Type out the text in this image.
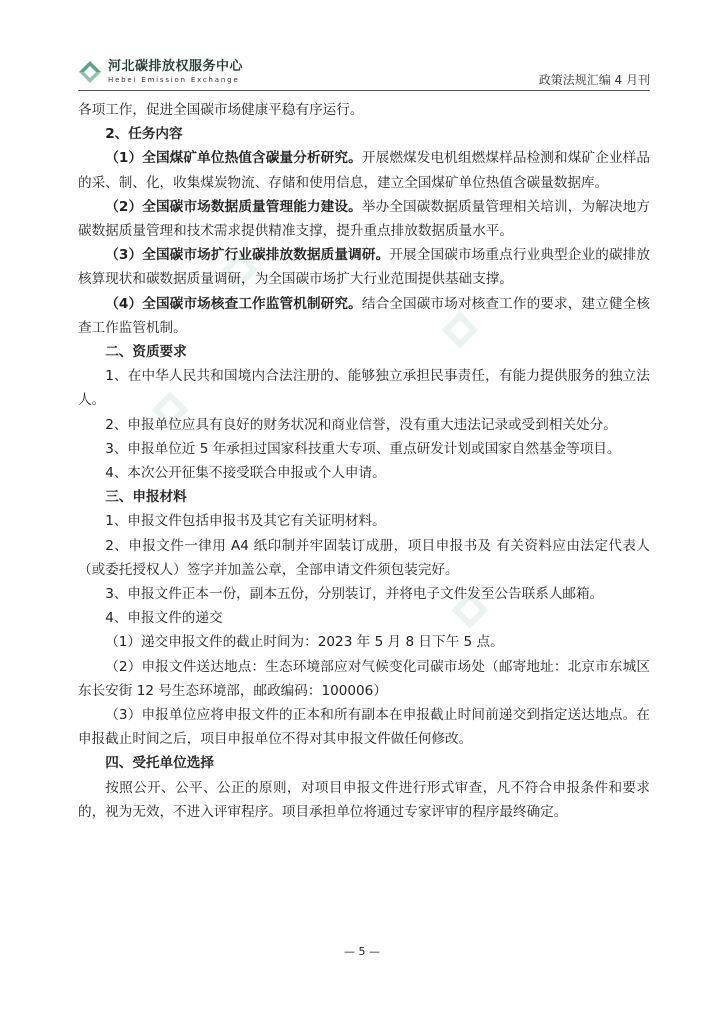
河北碳排放权服务中心
Hebei Emission Exchange	政策法规汇编 4 月刊

各项工作，促进全国碳市场健康平稳有序运行。

2、任务内容

（1）全国煤矿单位热值含碳量分析研究。开展燃煤发电机组燃煤样品检测和煤矿企业样品的采、制、化，收集煤炭物流、存储和使用信息，建立全国煤矿单位热值含碳量数据库。

（2）全国碳市场数据质量管理能力建设。举办全国碳数据质量管理相关培训，为解决地方碳数据质量管理和技术需求提供精准支撑，提升重点排放数据质量水平。

（3）全国碳市场扩行业碳排放数据质量调研。开展全国碳市场重点行业典型企业的碳排放核算现状和碳数据质量调研，为全国碳市场扩大行业范围提供基础支撑。

（4）全国碳市场核查工作监管机制研究。结合全国碳市场对核查工作的要求，建立健全核查工作监管机制。

二、资质要求

1、在中华人民共和国境内合法注册的、能够独立承担民事责任，有能力提供服务的独立法人。

2、申报单位应具有良好的财务状况和商业信誉，没有重大违法记录或受到相关处分。

3、申报单位近 5 年承担过国家科技重大专项、重点研发计划或国家自然基金等项目。

4、本次公开征集不接受联合申报或个人申请。

三、申报材料

1、申报文件包括申报书及其它有关证明材料。

2、申报文件一律用 A4 纸印制并牢固装订成册，项目申报书及 有关资料应由法定代表人（或委托授权人）签字并加盖公章，全部申请文件须包装完好。

3、申报文件正本一份，副本五份，分别装订，并将电子文件发至公告联系人邮箱。

4、申报文件的递交

（1）递交申报文件的截止时间为：2023 年 5 月 8 日下午 5 点。

（2）申报文件送达地点：生态环境部应对气候变化司碳市场处（邮寄地址：北京市东城区东长安街 12 号生态环境部，邮政编码：100006）

（3）申报单位应将申报文件的正本和所有副本在申报截止时间前递交到指定送达地点。在申报截止时间之后，项目申报单位不得对其申报文件做任何修改。

四、受托单位选择

按照公开、公平、公正的原则，对项目申报文件进行形式审查，凡不符合申报条件和要求的，视为无效，不进入评审程序。项目承担单位将通过专家评审的程序最终确定。

— 5 —
